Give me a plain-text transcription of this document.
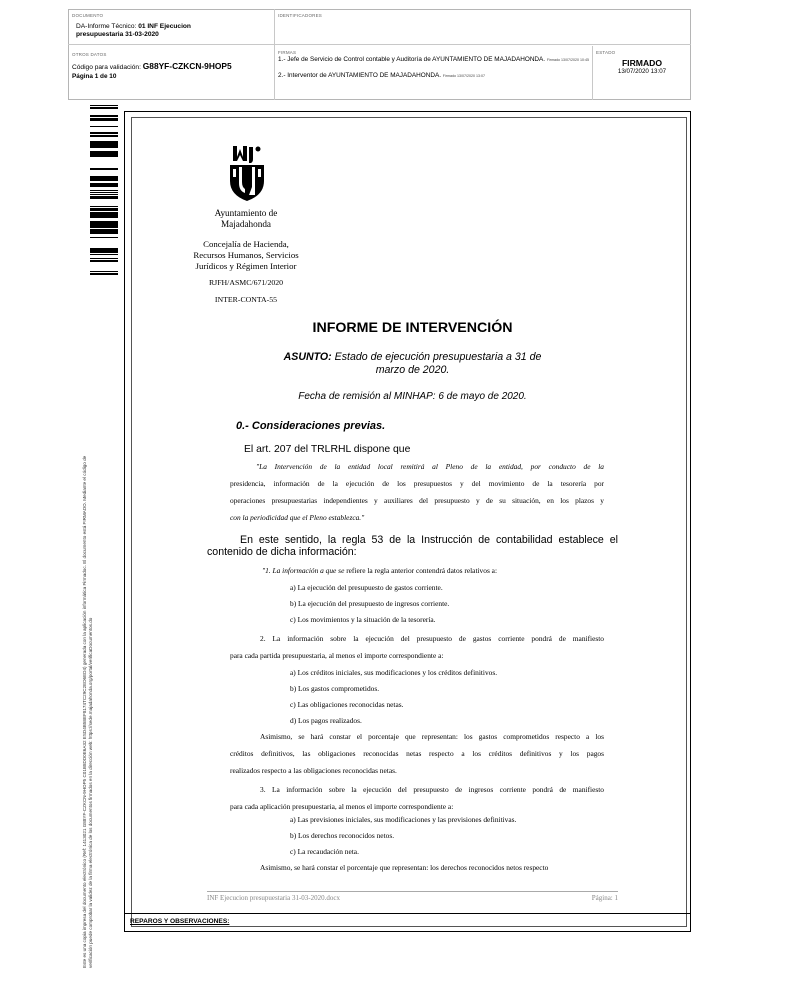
DOCUMENTO
DA-Informe Técnico: 01 INF Ejecucion
presupuestaria 31-03-2020
IDENTIFICADORES
OTROS DATOS
Código para validación: G88YF-CZKCN-9HOP5
Página 1 de 10
FIRMAS
1.- Jefe de Servicio de Control contable y Auditoría de AYUNTAMIENTO DE MAJADAHONDA. Firmado 13/07/2020 10:45
2.- Interventor de AYUNTAMIENTO DE MAJADAHONDA. Firmado 13/07/2020 13:07
ESTADO
FIRMADO
13/07/2020 13:07
Este es una copia impresa del documento electrónico (Ref: 1413021 G88YF-CZKCN-9HOP5 C01B8DD0E6A32 ESD4B58EF8174TC29C2ED6ED4) generada con la aplicación informática Firmadoc. El documento está FIRMADO. Mediante el código de verificación puede comprobar la validez de la firma electrónica de los documentos firmados en la dirección web: https://sede.majadahonda.org/portal/verificaDocumentos.do
Ayuntamiento de
Majadahonda
Concejalía de Hacienda,
Recursos Humanos, Servicios
Jurídicos y Régimen Interior
RJFH/ASMC/671/2020
INTER-CONTA-55
INFORME DE INTERVENCIÓN
ASUNTO: Estado de ejecución presupuestaria a 31 de
marzo de 2020.
Fecha de remisión al MINHAP: 6 de mayo de 2020.
0.- Consideraciones previas.
El art. 207 del TRLRHL dispone que
"La Intervención de la entidad local remitirá al Pleno de la entidad, por conducto de la
presidencia, información de la ejecución de los presupuestos y del movimiento de la tesorería por
operaciones presupuestarias independientes y auxiliares del presupuesto y de su situación, en los plazos y
con la periodicidad que el Pleno establezca."
En este sentido, la regla 53 de la Instrucción de contabilidad establece el
contenido de dicha información:
"1. La información a que se refiere la regla anterior contendrá datos relativos a:
a) La ejecución del presupuesto de gastos corriente.
b) La ejecución del presupuesto de ingresos corriente.
c) Los movimientos y la situación de la tesorería.
2. La información sobre la ejecución del presupuesto de gastos corriente pondrá de manifiesto
para cada partida presupuestaria, al menos el importe correspondiente a:
a) Los créditos iniciales, sus modificaciones y los créditos definitivos.
b) Los gastos comprometidos.
c) Las obligaciones reconocidas netas.
d) Los pagos realizados.
Asimismo, se hará constar el porcentaje que representan: los gastos comprometidos respecto a los
créditos definitivos, las obligaciones reconocidas netas respecto a los créditos definitivos y los pagos
realizados respecto a las obligaciones reconocidas netas.
3. La información sobre la ejecución del presupuesto de ingresos corriente pondrá de manifiesto
para cada aplicación presupuestaria, al menos el importe correspondiente a:
a) Las previsiones iniciales, sus modificaciones y las previsiones definitivas.
b) Los derechos reconocidos netos.
c) La recaudación neta.
Asimismo, se hará constar el porcentaje que representan: los derechos reconocidos netos respecto
INF Ejecucion presupuestaria 31-03-2020.docx	Página: 1
REPAROS Y OBSERVACIONES:
